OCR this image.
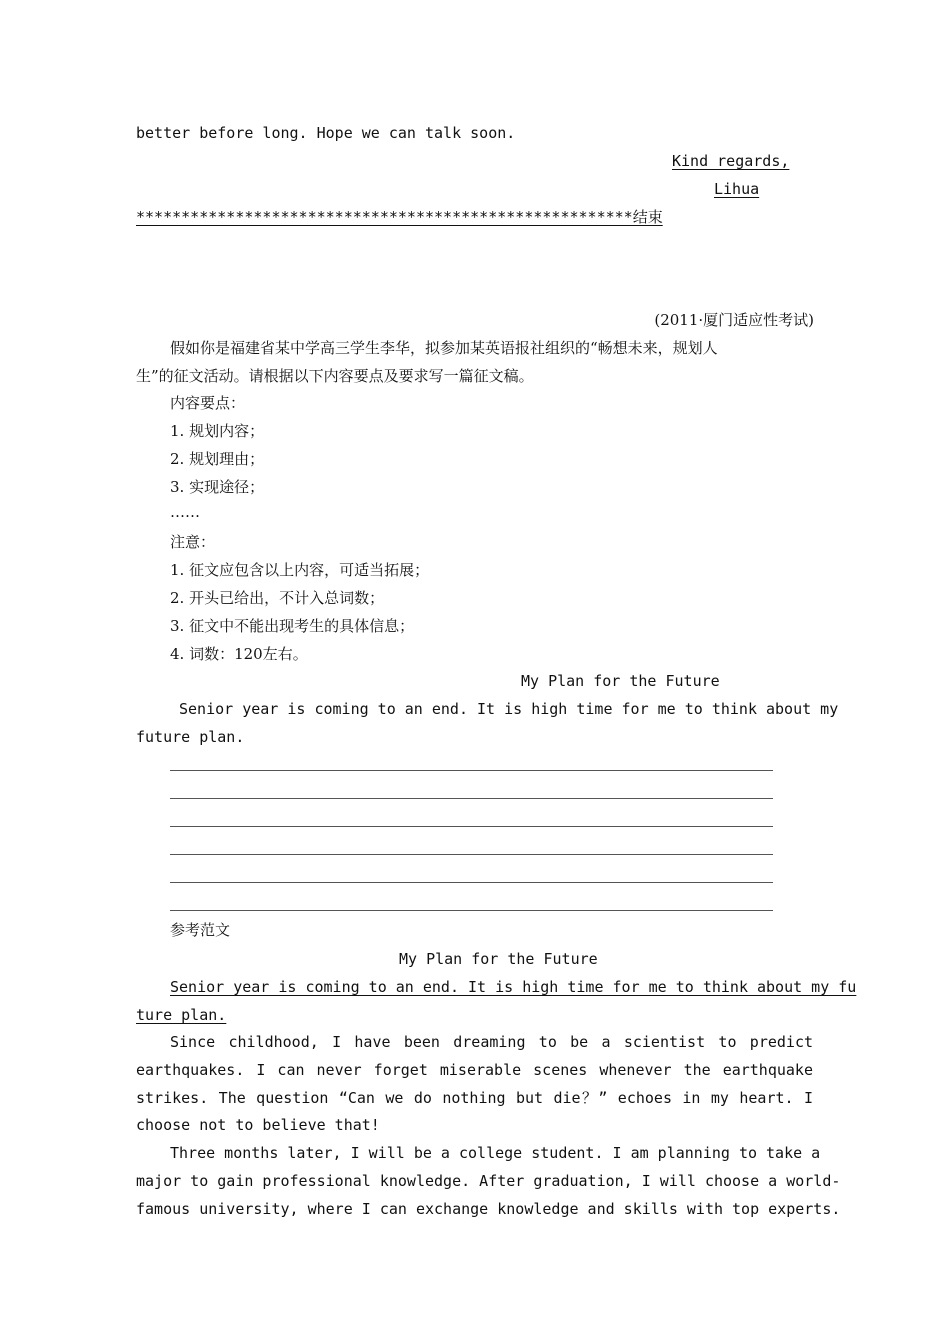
better before long. Hope we can talk soon.
Kind regards,
Lihua
*******************************************************结束
(2011·厦门适应性考试)
假如你是福建省某中学高三学生李华，拟参加某英语报社组织的“畅想未来，规划人
生”的征文活动。请根据以下内容要点及要求写一篇征文稿。
内容要点：
1. 规划内容；
2. 规划理由；
3. 实现途径；
……
注意：
1. 征文应包含以上内容，可适当拓展；
2. 开头已给出，不计入总词数；
3. 征文中不能出现考生的具体信息；
4. 词数：120左右。
My Plan for the Future
Senior year is coming to an end. It is high time for me to think about my
future plan.
参考范文
My Plan for the Future
Senior year is coming to an end. It is high time for me to think about my fu
ture plan.
Since childhood, I have been dreaming to be a scientist to predict
earthquakes. I can never forget miserable scenes whenever the earthquake
strikes. The question “Can we do nothing but die？” echoes in my heart. I
choose not to believe that!
Three months later, I will be a college student. I am planning to take a
major to gain professional knowledge. After graduation, I will choose a world-
famous university, where I can exchange knowledge and skills with top experts.
